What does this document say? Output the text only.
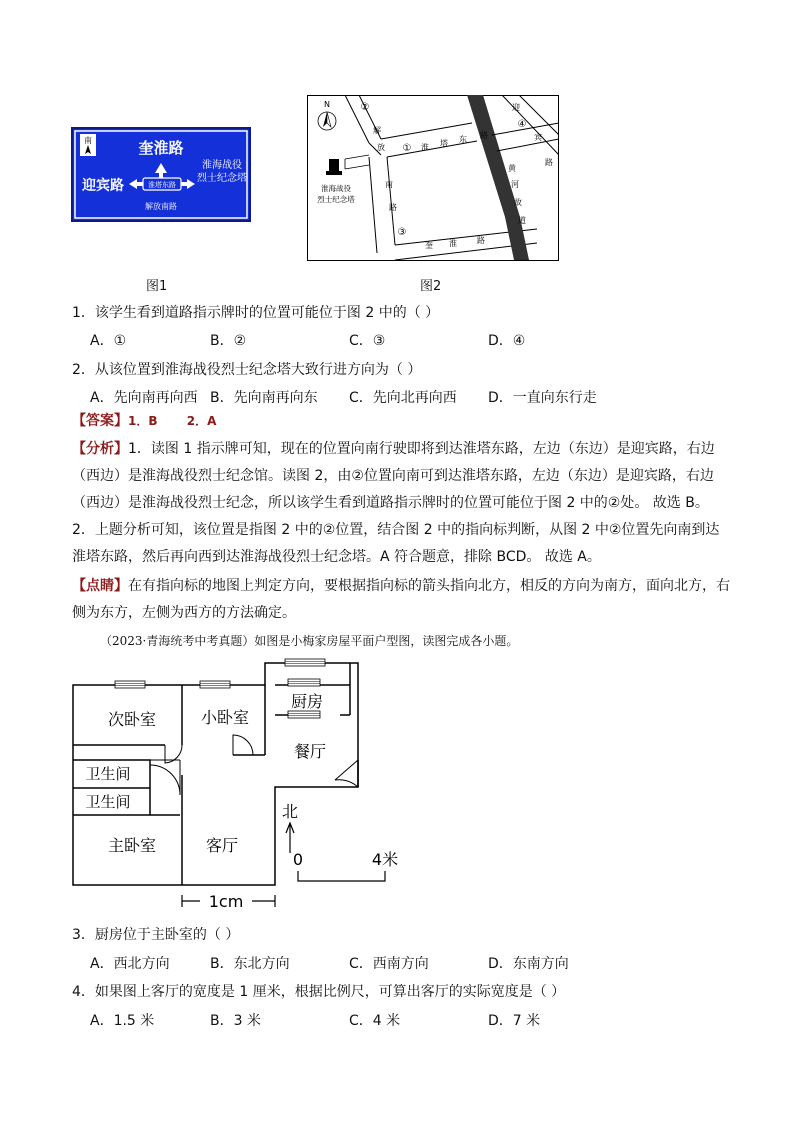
南	奎淮路
迎宾路	淮塔东路
淮海战役
烈士纪念塔
解放南路
图1
N
淮海战役
烈士纪念塔
②
①
③
④
解
放	淮 塔 东 路
南
路
迎
宾
路
黄
河
故
道
奎 淮	路
图2
1．该学生看到道路指示牌时的位置可能位于图 2 中的（ ）
A．①	B．②	C．③	D．④
2．从该位置到淮海战役烈士纪念塔大致行进方向为（ ）
A．先向南再向西 B．先向南再向东 C．先向北再向西 D．一直向东行走
【答案】1．B       2．A
【分析】1．读图 1 指示牌可知，现在的位置向南行驶即将到达淮塔东路，左边（东边）是迎宾路，右边（西边）是淮海战役烈士纪念馆。读图 2，由②位置向南可到达淮塔东路，左边（东边）是迎宾路，右边（西边）是淮海战役烈士纪念，所以该学生看到道路指示牌时的位置可能位于图 2 中的②处。 故选 B。
2．上题分析可知，该位置是指图 2 中的②位置，结合图 2 中的指向标判断，从图 2 中②位置先向南到达淮塔东路，然后再向西到达淮海战役烈士纪念塔。A 符合题意，排除 BCD。 故选 A。
【点睛】在有指向标的地图上判定方向，要根据指向标的箭头指向北方，相反的方向为南方，面向北方，右侧为东方，左侧为西方的方法确定。
（2023·青海统考中考真题）如图是小梅家房屋平面户型图，读图完成各小题。
次卧室	小卧室
厨房
餐厅
卫生间
卫生间
主卧室	客厅
北
0	4米
1cm
3．厨房位于主卧室的（ ）
A．西北方向	B．东北方向	C．西南方向	D．东南方向
4．如果图上客厅的宽度是 1 厘米，根据比例尺，可算出客厅的实际宽度是（ ）
A．1.5 米	B．3 米	C．4 米	D．7 米
